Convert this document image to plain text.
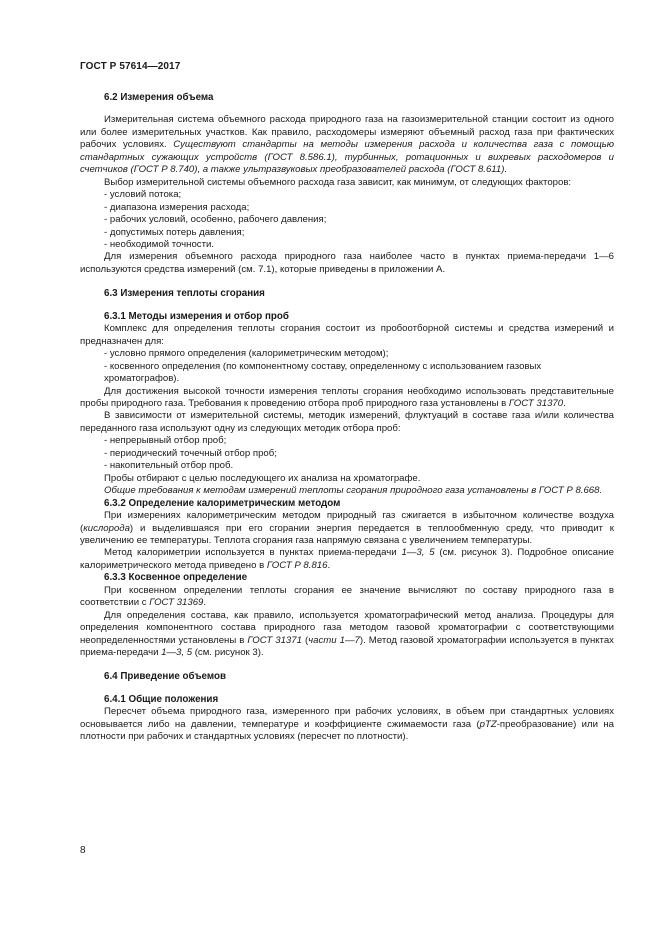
ГОСТ Р 57614—2017
6.2 Измерения объема

Измерительная система объемного расхода природного газа на газоизмерительной станции состоит из одного или более измерительных участков. Как правило, расходомеры измеряют объемный расход газа при фактических рабочих условиях. Существуют стандарты на методы измерения расхода и количества газа с помощью стандартных сужающих устройств (ГОСТ 8.586.1), турбинных, ротационных и вихревых расходомеров и счетчиков (ГОСТ Р 8.740), а также ультразвуковых преобразователей расхода (ГОСТ 8.611).

Выбор измерительной системы объемного расхода газа зависит, как минимум, от следующих факторов:

- условий потока;
- диапазона измерения расхода;
- рабочих условий, особенно, рабочего давления;
- допустимых потерь давления;
- необходимой точности.

Для измерения объемного расхода природного газа наиболее часто в пунктах приема-передачи 1—6 используются средства измерений (см. 7.1), которые приведены в приложении А.

6.3 Измерения теплоты сгорания
6.3.1 Методы измерения и отбор проб

Комплекс для определения теплоты сгорания состоит из пробоотборной системы и средства измерений и предназначен для:

- условно прямого определения (калориметрическим методом);
- косвенного определения (по компонентному составу, определенному с использованием газовых хроматографов).

Для достижения высокой точности измерения теплоты сгорания необходимо использовать представительные пробы природного газа. Требования к проведению отбора проб природного газа установлены в ГОСТ 31370.

В зависимости от измерительной системы, методик измерений, флуктуаций в составе газа и/или количества переданного газа используют одну из следующих методик отбора проб:

- непрерывный отбор проб;
- периодический точечный отбор проб;
- накопительный отбор проб.

Пробы отбирают с целью последующего их анализа на хроматографе.

Общие требования к методам измерений теплоты сгорания природного газа установлены в ГОСТ Р 8.668.

6.3.2 Определение калориметрическим методом

При измерениях калориметрическим методом природный газ сжигается в избыточном количестве воздуха (кислорода) и выделившаяся при его сгорании энергия передается в теплообменную среду, что приводит к увеличению ее температуры. Теплота сгорания газа напрямую связана с увеличением температуры.

Метод калориметрии используется в пунктах приема-передачи 1—3, 5 (см. рисунок 3). Подробное описание калориметрического метода приведено в ГОСТ Р 8.816.

6.3.3 Косвенное определение

При косвенном определении теплоты сгорания ее значение вычисляют по составу природного газа в соответствии с ГОСТ 31369.

Для определения состава, как правило, используется хроматографический метод анализа. Процедуры для определения компонентного состава природного газа методом газовой хроматографии с соответствующими неопределенностями установлены в ГОСТ 31371 (части 1—7). Метод газовой хроматографии используется в пунктах приема-передачи 1—3, 5 (см. рисунок 3).

6.4 Приведение объемов
6.4.1 Общие положения

Пересчет объема природного газа, измеренного при рабочих условиях, в объем при стандартных условиях основывается либо на давлении, температуре и коэффициенте сжимаемости газа (pTZ-преобразование) или на плотности при рабочих и стандартных условиях (пересчет по плотности).

8
